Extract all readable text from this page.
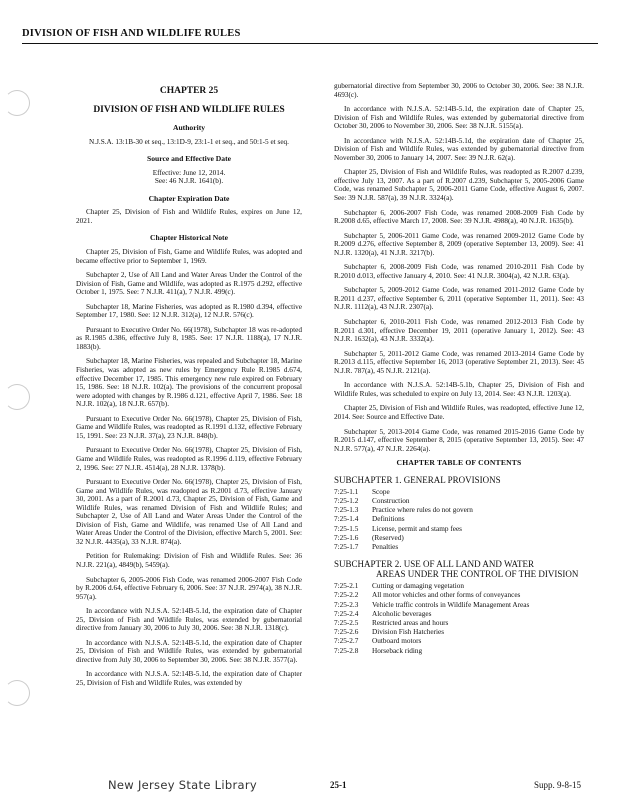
DIVISION OF FISH AND WILDLIFE RULES
CHAPTER 25
DIVISION OF FISH AND WILDLIFE RULES
Authority
N.J.S.A. 13:1B-30 et seq., 13:1D-9, 23:1-1 et seq., and 50:1-5 et seq.
Source and Effective Date
Effective: June 12, 2014.
See: 46 N.J.R. 1641(b).
Chapter Expiration Date
Chapter 25, Division of Fish and Wildlife Rules, expires on June 12, 2021.
Chapter Historical Note
Chapter 25, Division of Fish, Game and Wildlife Rules, was adopted and became effective prior to September 1, 1969.
Subchapter 2, Use of All Land and Water Areas Under the Control of the Division of Fish, Game and Wildlife, was adopted as R.1975 d.292, effective October 1, 1975. See: 7 N.J.R. 411(a), 7 N.J.R. 499(c).
Subchapter 18, Marine Fisheries, was adopted as R.1980 d.394, effective September 17, 1980. See: 12 N.J.R. 312(a), 12 N.J.R. 576(c).
Pursuant to Executive Order No. 66(1978), Subchapter 18 was re-adopted as R.1985 d.386, effective July 8, 1985. See: 17 N.J.R. 1188(a), 17 N.J.R. 1883(b).
Subchapter 18, Marine Fisheries, was repealed and Subchapter 18, Marine Fisheries, was adopted as new rules by Emergency Rule R.1985 d.674, effective December 17, 1985. This emergency new rule expired on February 15, 1986. See: 18 N.J.R. 102(a). The provisions of the concurrent proposal were adopted with changes by R.1986 d.121, effective April 7, 1986. See: 18 N.J.R. 102(a), 18 N.J.R. 657(b).
Pursuant to Executive Order No. 66(1978), Chapter 25, Division of Fish, Game and Wildlife Rules, was readopted as R.1991 d.132, effective February 15, 1991. See: 23 N.J.R. 37(a), 23 N.J.R. 848(b).
Pursuant to Executive Order No. 66(1978), Chapter 25, Division of Fish, Game and Wildlife Rules, was readopted as R.1996 d.119, effective February 2, 1996. See: 27 N.J.R. 4514(a), 28 N.J.R. 1378(b).
Pursuant to Executive Order No. 66(1978), Chapter 25, Division of Fish, Game and Wildlife Rules, was readopted as R.2001 d.73, effective January 30, 2001. As a part of R.2001 d.73, Chapter 25, Division of Fish, Game and Wildlife Rules, was renamed Division of Fish and Wildlife Rules; and Subchapter 2, Use of All Land and Water Areas Under the Control of the Division of Fish, Game and Wildlife, was renamed Use of All Land and Water Areas Under the Control of the Division, effective March 5, 2001. See: 32 N.J.R. 4435(a), 33 N.J.R. 874(a).
Petition for Rulemaking: Division of Fish and Wildlife Rules. See: 36 N.J.R. 221(a), 4849(b), 5459(a).
Subchapter 6, 2005-2006 Fish Code, was renamed 2006-2007 Fish Code by R.2006 d.64, effective February 6, 2006. See: 37 N.J.R. 2974(a), 38 N.J.R. 957(a).
In accordance with N.J.S.A. 52:14B-5.1d, the expiration date of Chapter 25, Division of Fish and Wildlife Rules, was extended by gubernatorial directive from January 30, 2006 to July 30, 2006. See: 38 N.J.R. 1318(c).
In accordance with N.J.S.A. 52:14B-5.1d, the expiration date of Chapter 25, Division of Fish and Wildlife Rules, was extended by gubernatorial directive from July 30, 2006 to September 30, 2006. See: 38 N.J.R. 3577(a).
In accordance with N.J.S.A. 52:14B-5.1d, the expiration date of Chapter 25, Division of Fish and Wildlife Rules, was extended by
gubernatorial directive from September 30, 2006 to October 30, 2006. See: 38 N.J.R. 4693(c).
In accordance with N.J.S.A. 52:14B-5.1d, the expiration date of Chapter 25, Division of Fish and Wildlife Rules, was extended by gubernatorial directive from October 30, 2006 to November 30, 2006. See: 38 N.J.R. 5155(a).
In accordance with N.J.S.A. 52:14B-5.1d, the expiration date of Chapter 25, Division of Fish and Wildlife Rules, was extended by gubernatorial directive from November 30, 2006 to January 14, 2007. See: 39 N.J.R. 62(a).
Chapter 25, Division of Fish and Wildlife Rules, was readopted as R.2007 d.239, effective July 13, 2007. As a part of R.2007 d.239, Subchapter 5, 2005-2006 Game Code, was renamed Subchapter 5, 2006-2011 Game Code, effective August 6, 2007. See: 39 N.J.R. 587(a), 39 N.J.R. 3324(a).
Subchapter 6, 2006-2007 Fish Code, was renamed 2008-2009 Fish Code by R.2008 d.65, effective March 17, 2008. See: 39 N.J.R. 4988(a), 40 N.J.R. 1635(b).
Subchapter 5, 2006-2011 Game Code, was renamed 2009-2012 Game Code by R.2009 d.276, effective September 8, 2009 (operative September 13, 2009). See: 41 N.J.R. 1320(a), 41 N.J.R. 3217(b).
Subchapter 6, 2008-2009 Fish Code, was renamed 2010-2011 Fish Code by R.2010 d.013, effective January 4, 2010. See: 41 N.J.R. 3004(a), 42 N.J.R. 63(a).
Subchapter 5, 2009-2012 Game Code, was renamed 2011-2012 Game Code by R.2011 d.237, effective September 6, 2011 (operative September 11, 2011). See: 43 N.J.R. 1112(a), 43 N.J.R. 2307(a).
Subchapter 6, 2010-2011 Fish Code, was renamed 2012-2013 Fish Code by R.2011 d.301, effective December 19, 2011 (operative January 1, 2012). See: 43 N.J.R. 1632(a), 43 N.J.R. 3332(a).
Subchapter 5, 2011-2012 Game Code, was renamed 2013-2014 Game Code by R.2013 d.115, effective September 16, 2013 (operative September 21, 2013). See: 45 N.J.R. 787(a), 45 N.J.R. 2121(a).
In accordance with N.J.S.A. 52:14B-5.1b, Chapter 25, Division of Fish and Wildlife Rules, was scheduled to expire on July 13, 2014. See: 43 N.J.R. 1203(a).
Chapter 25, Division of Fish and Wildlife Rules, was readopted, effective June 12, 2014. See: Source and Effective Date.
Subchapter 5, 2013-2014 Game Code, was renamed 2015-2016 Game Code by R.2015 d.147, effective September 8, 2015 (operative September 13, 2015). See: 47 N.J.R. 577(a), 47 N.J.R. 2264(a).
CHAPTER TABLE OF CONTENTS
SUBCHAPTER 1. GENERAL PROVISIONS
7:25-1.1	Scope
7:25-1.2	Construction
7:25-1.3	Practice where rules do not govern
7:25-1.4	Definitions
7:25-1.5	License, permit and stamp fees
7:25-1.6	(Reserved)
7:25-1.7	Penalties
SUBCHAPTER 2. USE OF ALL LAND AND WATER
AREAS UNDER THE CONTROL OF THE DIVISION
7:25-2.1	Cutting or damaging vegetation
7:25-2.2	All motor vehicles and other forms of conveyances
7:25-2.3	Vehicle traffic controls in Wildlife Management Areas
7:25-2.4	Alcoholic beverages
7:25-2.5	Restricted areas and hours
7:25-2.6	Division Fish Hatcheries
7:25-2.7	Outboard motors
7:25-2.8	Horseback riding
New Jersey State Library	25-1	Supp. 9-8-15
